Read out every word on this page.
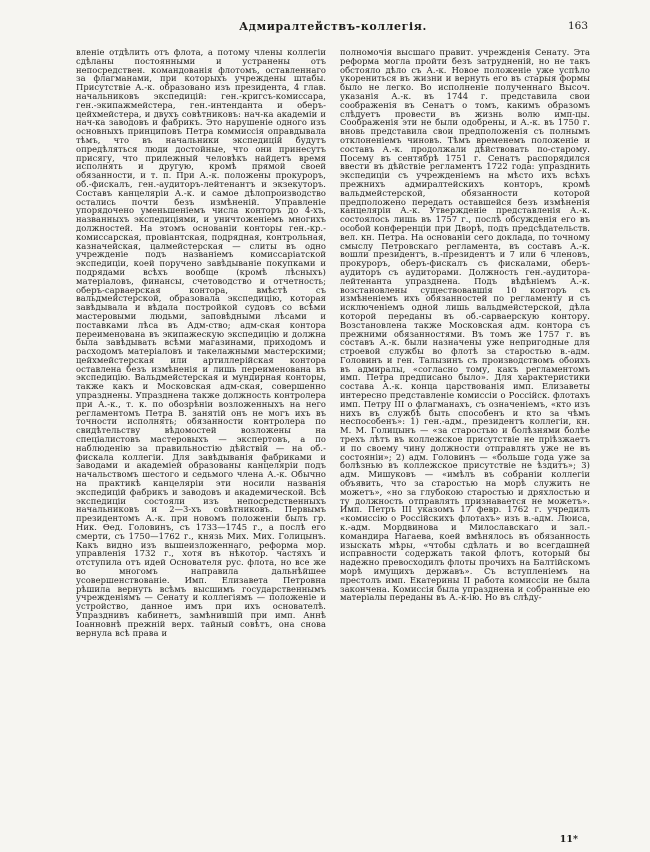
Адмиралтействъ-коллегія.	163
вленіе отдѣлить отъ флота, а потому члены коллегіи сдѣланы постоянными и устранены отъ непосредствен. командованія флотомъ, оставленнаго за флагманами, при которыхъ учреждены штабы. Присутствіе А.-к. образовано изъ президента, 4 глав. начальниковъ экспедицій: ген.-кригсъ-комиссара, ген.-экипажмейстера, ген.-интенданта и оберъ-цейхмейстера, и двухъ совѣтниковъ: нач-ка академіи и нач-ка заводовъ и фабрикъ. Это нарушеніе одного изъ основныхъ принциповъ Петра коммиссія оправдывала тѣмъ, что въ начальники экспедицій будутъ опредѣляться люди достойные, что они принесутъ присягу, что прилежный человѣкъ найдетъ время исполнять и другую, кромѣ прямой своей обязанности, и т. п. При А.-к. положены прокуроръ, об.-фискалъ, ген.-аудиторъ-лейтенантъ и экзекуторъ. Составъ канцеляріи А.-к. и самое дѣлопроизводство остались почти безъ измѣненій. Управленіе упорядочено уменьшеніемъ числа конторъ до 4-хъ, названныхъ экспедиціями, и уничтоженіемъ многихъ должностей. На этомъ основаніи конторы ген.-кр.-комиссарская, провіантская, подрядная, контрольная, казначейская, цалмейстерская — слиты въ одно учрежденіе подъ названіемъ комиссаріатской экспедиціи, коей поручено завѣдываніе покупками и подрядами всѣхъ вообще (кромѣ лѣсныхъ) матеріаловъ, финансы, счетоводство и отчетность; оберъ-сарваерская контора, вмѣстѣ съ вальдмейстерской, образовала экспедицію, которая завѣдывала и вѣдала постройкой судовъ со всѣми мастеровыми людьми, заповѣдными лѣсами и поставками лѣса въ Адм-ство; адм-ская контора переименована въ экипажескую экспедицію и должна была завѣдывать всѣми магазинами, приходомъ и расходомъ матеріаловъ и такелажными мастерскими; цейхмейстерская или артиллерійская контора оставлена безъ измѣненія и лишь переименована въ экспедицію. Вальдмейстерская и мундирная конторы, также какъ и Московская адм-ская, совершенно упразднены. Упразднена также должность контролера при А.-к., т. к. по обозрѣніи возложенныхъ на него регламентомъ Петра В. занятій онъ не могъ ихъ въ точности исполнять; обязанности контролера по свидѣтельству вѣдомостей возложены на спеціалистовъ мастеровыхъ — экспертовъ, а по наблюденію за правильностію дѣйствій — на об.-фискала коллегіи. Для завѣдыванія фабриками и заводами и академіей образованы канцеляріи подъ начальствомъ шестого и седьмого члена А.-к. Обычно на практикѣ канцеляріи эти носили названія экспедицій фабрикъ и заводовъ и академической. Всѣ экспедиціи состояли изъ непосредственныхъ начальниковъ и 2—3-хъ совѣтниковъ. Первымъ президентомъ А.-к. при новомъ положеніи былъ гр. Ник. Ѳед. Головинъ, съ 1733—1745 г., а послѣ его смерти, съ 1750—1762 г., князь Мих. Мих. Голицынъ. Какъ видно изъ вышеизложеннаго, реформа мор. управленія 1732 г., хотя въ нѣкотор. частяхъ и отступила отъ идей Основателя рус. флота, но все же во многомъ направила дальнѣйшее усовершенствованіе. Имп. Елизавета Петровна рѣшила вернуть всѣмъ высшимъ государственнымъ учрежденіямъ — Сенату и коллегіямъ — положеніе и устройство, данное имъ при ихъ основателѣ. Упразднивъ кабинетъ, замѣнившій при имп. Аннѣ Іоанновнѣ прежній верх. тайный совѣтъ, она снова вернула всѣ права и
полномочія высшаго правит. учрежденія Сенату. Эта реформа могла пройти безъ затрудненій, но не такъ обстояло дѣло съ А.-к. Новое положеніе уже успѣло укорениться въ жизни и вернуть его въ старыя формы было не легко. Во исполненіе полученнаго Высоч. указанія А.-к. въ 1744 г. представила свои соображенія въ Сенатъ о томъ, какимъ образомъ слѣдуетъ провести въ жизнь волю имп-цы. Соображенія эти не были одобрены, и А.-к. въ 1750 г. вновь представила свои предположенія съ полнымъ отклоненіемъ чиновъ. Тѣмъ временемъ положеніе и составъ А.-к. продолжали дѣйствовать по-старому. Посему въ сентябрѣ 1751 г. Сенатъ распорядился ввести въ дѣйствіе регламентъ 1722 года: упразднить экспедиціи съ учрежденіемъ на мѣсто ихъ всѣхъ прежнихъ адмиралтейскихъ конторъ, кромѣ вальдмейстерской, обязанности которой предположено передать оставшейся безъ измѣненія канцеляріи А.-к. Утвержденіе представленія А.-к. состоялось лишь въ 1757 г., послѣ обсужденія его въ особой конференціи при Дворѣ, подъ предсѣдательств. вел. кн. Петра. На основаніи сего доклада, по точному смыслу Петровскаго регламента, въ составъ А.-к. вошли президентъ, в.-президентъ и 7 или 6 членовъ, прокуроръ, оберъ-фискалъ съ фискалами, оберъ-аудиторъ съ аудиторами. Должность ген.-аудитора-лейтенанта упразднена. Подъ вѣдѣніемъ А.-к. возстановлены существовавшія 10 конторъ съ измѣненіемъ ихъ обязанностей по регламенту и съ исключеніемъ одной лишь вальдмейстерской, дѣла которой переданы въ об.-сарваерскую контору. Возстановлена также Московская адм. контора съ прежними обязанностями. Въ томъ же 1757 г. въ составъ А.-к. были назначены уже непригодные для строевой службы во флотѣ за старостью в.-адм. Головинъ и ген. Талызинъ съ производствомъ обоихъ въ адмиралы, «согласно тому, какъ регламентомъ имп. Петра предписано было». Для характеристики состава А.-к. конца царствованія имп. Елизаветы интересно представленіе комиссіи о Россійск. флотахъ имп. Петру III о флагманахъ, съ означеніемъ, «кто изъ нихъ въ службѣ быть способенъ и кто за чѣмъ неспособенъ»: 1) ген.-адм., президентъ коллегіи, кн. М. М. Голицынъ — «за старостью и болѣзнями болѣе трехъ лѣтъ въ коллежское присутствіе не пріѣзжаетъ и по своему чину должности отправлять уже не въ состояніи»; 2) адм. Головинъ — «больше года уже за болѣзнью въ коллежское присутствіе не ѣздитъ»; 3) адм. Мишуковъ — «имѣлъ въ собраніи коллегіи объявить, что за старостью на морѣ служить не можетъ», «но за глубокою старостью и дряхлостью и ту должность отправлять признавается не можетъ». Имп. Петръ III указомъ 17 февр. 1762 г. учредилъ «комиссію о Россійскихъ флотахъ» изъ в.-адм. Люиса, к.-адм. Мордвинова и Милославскаго и зал.-командира Нагаева, коей вмѣнялось въ обязанность изыскать мѣры, «чтобы сдѣлать и во всегдашней исправности содержать такой флотъ, который бы надежно превосходилъ флоты прочихъ на Балтійскомъ морѣ имущихъ державъ». Съ вступленіемъ на престолъ имп. Екатерины II работа комиссіи не была закончена. Комиссія была упразднена и собранные ею матеріалы переданы въ А.-к-ію. Но въ слѣду-
11*
